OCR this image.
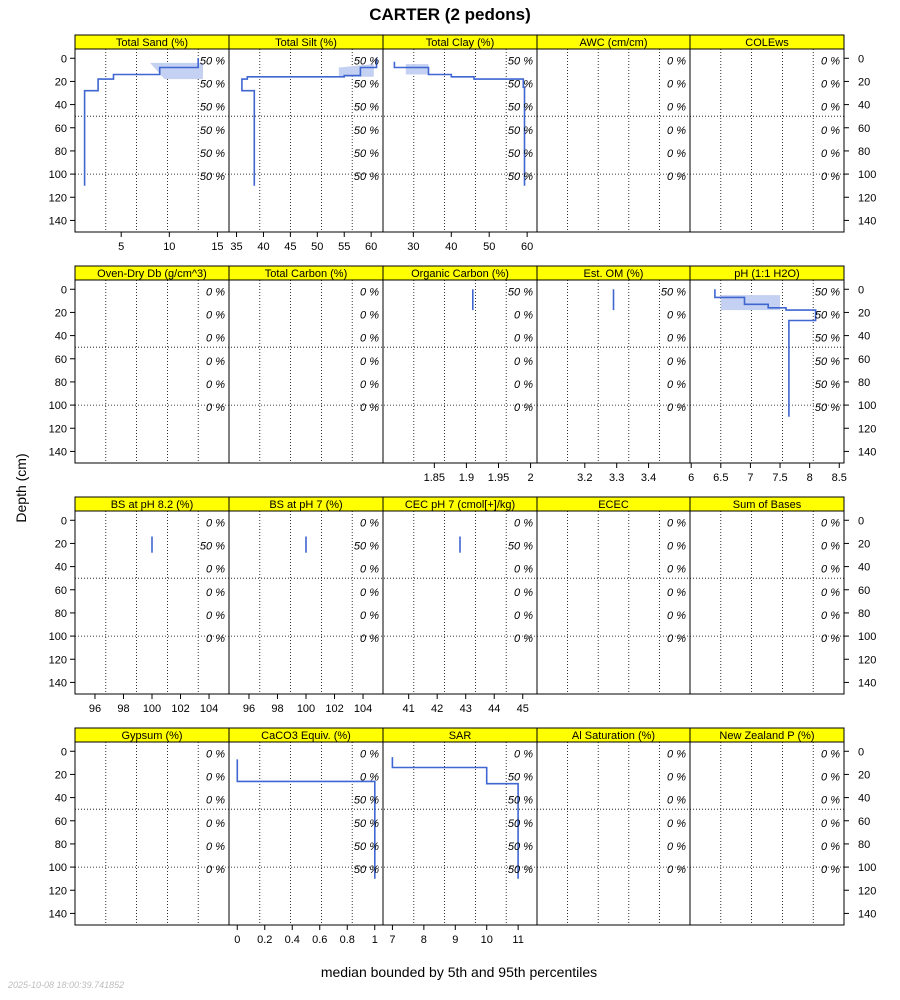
CARTER (2 pedons)
0	0
20	20
40	40
60	60
80	80
100	100
120	120
140	140
5	10	15 35 40 45 50 55 60	30 40 50 60
0	0
20	20
40	40
60	60
80	80
100	100
120	120
140	140
1.85 1.9 1.95 2	3.2 3.3 3.4	6 6.5 7 7.5 8 8.5
0	0
20	20
40	40
60	60
80	80
100	100
120	120
140	140
96 98 100 102 104 96 98 100 102 104	41 42 43 44 45
0	0
20	20
40	40
60	60
80	80
100	100
120	120
140	140
0 0.2 0.4 0.6 0.8 1 7 8 9 10 11
Total Sand (%)
50 %
50 %
50 %
50 %
50 %
50 %
Total Silt (%)
50 %
50 %
50 %
50 %
50 %
50 %
Total Clay (%)
50 %
50 %
50 %
50 %
50 %
50 %
AWC (cm/cm)
0 %
0 %
0 %
0 %
0 %
0 %
COLEws
0 %
0 %
0 %
0 %
0 %
0 %
Oven-Dry Db (g/cm^3)
0 %
0 %
0 %
0 %
0 %
0 %
Total Carbon (%)
0 %
0 %
0 %
0 %
0 %
0 %
Organic Carbon (%)
50 %
0 %
0 %
0 %
0 %
0 %
Est. OM (%)
50 %
0 %
0 %
0 %
0 %
0 %
pH (1:1 H2O)
50 %
50 %
50 %
50 %
50 %
50 %
BS at pH 8.2 (%)
0 %
50 %
0 %
0 %
0 %
0 %
BS at pH 7 (%)
0 %
50 %
0 %
0 %
0 %
0 %
CEC pH 7 (cmol[+]/kg)
0 %
50 %
0 %
0 %
0 %
0 %
ECEC
0 %
0 %
0 %
0 %
0 %
0 %
Sum of Bases
0 %
0 %
0 %
0 %
0 %
0 %
Gypsum (%)
0 %
0 %
0 %
0 %
0 %
0 %
CaCO3 Equiv. (%)
0 %
0 %
50 %
50 %
50 %
50 %
SAR
0 %
50 %
50 %
50 %
50 %
50 %
Al Saturation (%)
0 %
0 %
0 %
0 %
0 %
0 %
New Zealand P (%)
0 %
0 %
0 %
0 %
0 %
0 %
Depth (cm)
median bounded by 5th and 95th percentiles
2025-10-08 18:00:39.741852
